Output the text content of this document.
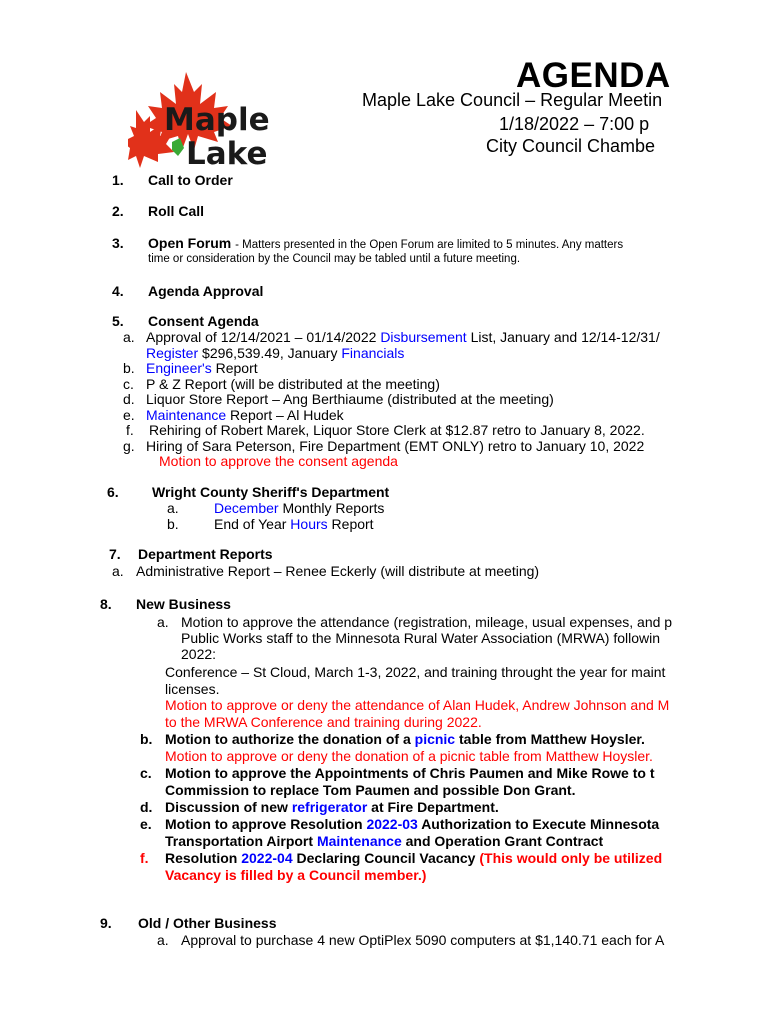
Maple
Lake
AGENDA
Maple Lake Council – Regular Meetin
1/18/2022 – 7:00 p
City Council Chambe
1. Call to Order
2. Roll Call
3. Open Forum - Matters presented in the Open Forum are limited to 5 minutes. Any matters
time or consideration by the Council may be tabled until a future meeting.
4. Agenda Approval
5. Consent Agenda
a. Approval of 12/14/2021 – 01/14/2022 Disbursement List, January and 12/14-12/31/
Register $296,539.49, January Financials
b. Engineer's Report
c. P & Z Report (will be distributed at the meeting)
d. Liquor Store Report – Ang Berthiaume (distributed at the meeting)
e. Maintenance Report – Al Hudek
f. Rehiring of Robert Marek, Liquor Store Clerk at $12.87 retro to January 8, 2022.
g. Hiring of Sara Peterson, Fire Department (EMT ONLY) retro to January 10, 2022
Motion to approve the consent agenda
6. Wright County Sheriff's Department
a.	December Monthly Reports
b.	End of Year Hours Report
7. Department Reports
a. Administrative Report – Renee Eckerly (will distribute at meeting)
8. New Business
a. Motion to approve the attendance (registration, mileage, usual expenses, and p
Public Works staff to the Minnesota Rural Water Association (MRWA) followin
2022:
Conference – St Cloud, March 1-3, 2022, and training throught the year for maint
licenses.
Motion to approve or deny the attendance of Alan Hudek, Andrew Johnson and M
to the MRWA Conference and training during 2022.
b. Motion to authorize the donation of a picnic table from Matthew Hoysler.
Motion to approve or deny the donation of a picnic table from Matthew Hoysler.
c. Motion to approve the Appointments of Chris Paumen and Mike Rowe to t
Commission to replace Tom Paumen and possible Don Grant.
d. Discussion of new refrigerator at Fire Department.
e. Motion to approve Resolution 2022-03 Authorization to Execute Minnesota
Transportation Airport Maintenance and Operation Grant Contract
f. Resolution 2022-04 Declaring Council Vacancy (This would only be utilized
Vacancy is filled by a Council member.)
9. Old / Other Business
a. Approval to purchase 4 new OptiPlex 5090 computers at $1,140.71 each for A
